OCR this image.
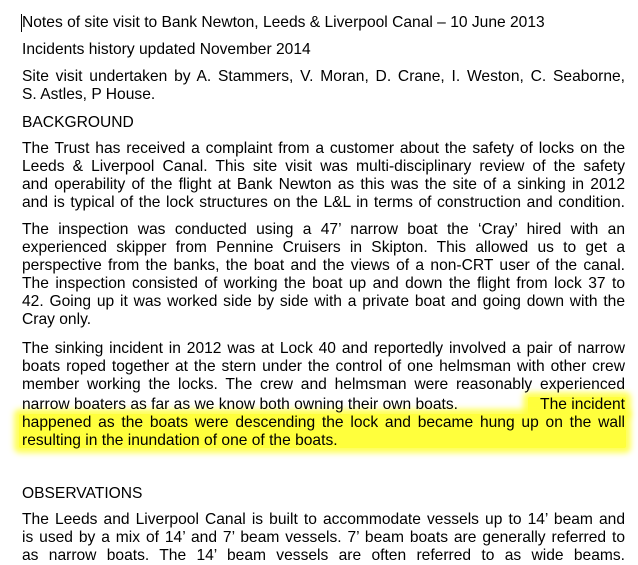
Notes of site visit to Bank Newton, Leeds & Liverpool Canal – 10 June 2013
Incidents history updated November 2014
Site visit undertaken by A. Stammers, V. Moran, D. Crane, I. Weston, C. Seaborne,
S. Astles, P House.
BACKGROUND
The Trust has received a complaint from a customer about the safety of locks on the
Leeds & Liverpool Canal. This site visit was multi-disciplinary review of the safety
and operability of the flight at Bank Newton as this was the site of a sinking in 2012
and is typical of the lock structures on the L&L in terms of construction and condition.
The inspection was conducted using a 47’ narrow boat the ‘Cray’ hired with an
experienced skipper from Pennine Cruisers in Skipton. This allowed us to get a
perspective from the banks, the boat and the views of a non-CRT user of the canal.
The inspection consisted of working the boat up and down the flight from lock 37 to
42. Going up it was worked side by side with a private boat and going down with the
Cray only.
The sinking incident in 2012 was at Lock 40 and reportedly involved a pair of narrow
boats roped together at the stern under the control of one helmsman with other crew
member working the locks. The crew and helmsman were reasonably experienced
narrow boaters as far as we know both owning their own boats.	The incident
happened as the boats were descending the lock and became hung up on the wall
resulting in the inundation of one of the boats.
OBSERVATIONS
The Leeds and Liverpool Canal is built to accommodate vessels up to 14’ beam and
is used by a mix of 14’ and 7’ beam vessels. 7’ beam boats are generally referred to
as narrow boats. The 14’ beam vessels are often referred to as wide beams.
